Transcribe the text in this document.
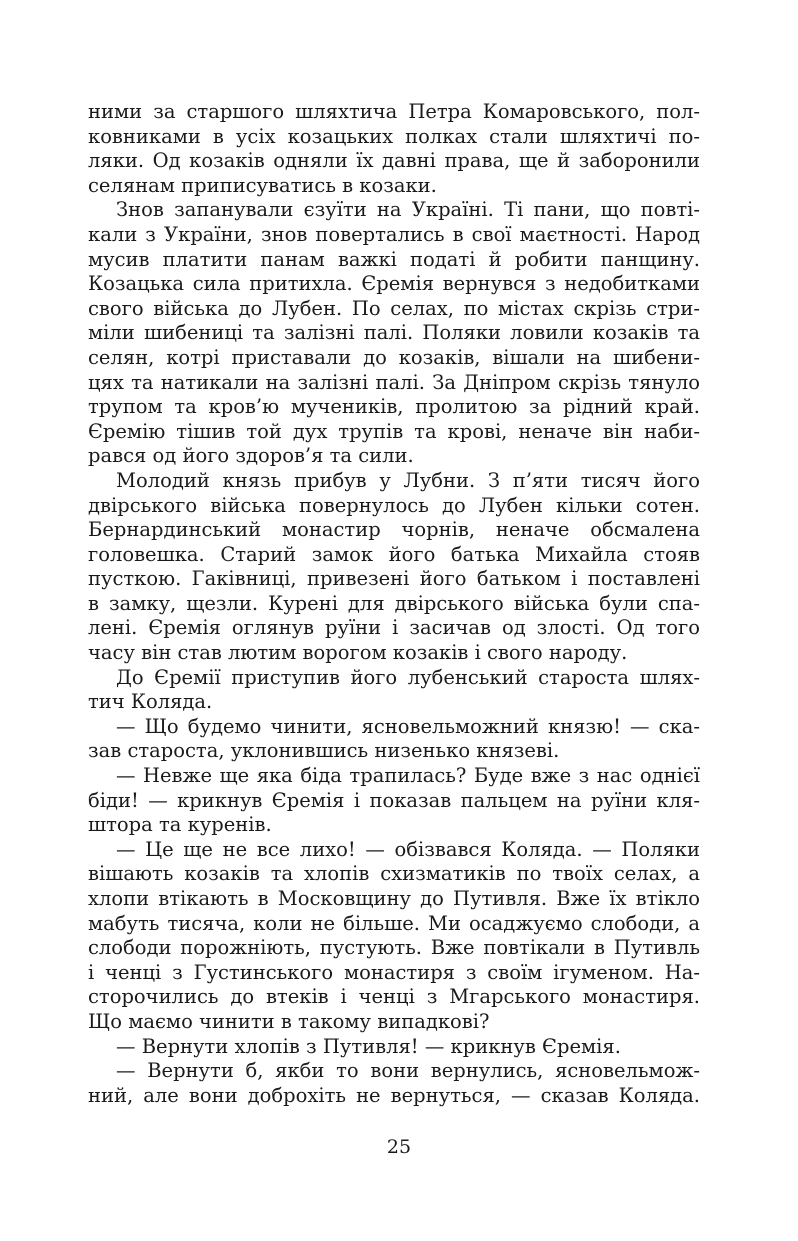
ними за старшого шляхтича Петра Комаровського, пол-
ковниками в усіх козацьких полках стали шляхтичі по-
ляки. Од козаків одняли їх давні права, ще й заборонили
селянам приписуватись в козаки.
Знов запанували єзуїти на Україні. Ті пани, що повті-
кали з України, знов повертались в свої маєтності. Народ
мусив платити панам важкі податі й робити панщину.
Козацька сила притихла. Єремія вернувся з недобитками
свого війська до Лубен. По селах, по містах скрізь стри-
міли шибениці та залізні палі. Поляки ловили козаків та
селян, котрі приставали до козаків, вішали на шибени-
цях та натикали на залізні палі. За Дніпром скрізь тянуло
трупом та кров’ю мучеників, пролитою за рідний край.
Єремію тішив той дух трупів та крові, неначе він наби-
рався од його здоров’я та сили.
Молодий князь прибув у Лубни. З п’яти тисяч його
двірського війська повернулось до Лубен кільки сотен.
Бернардинський монастир чорнів, неначе обсмалена
головешка. Старий замок його батька Михайла стояв
пусткою. Гаківниці, привезені його батьком і поставлені
в замку, щезли. Курені для двірського війська були спа-
лені. Єремія оглянув руїни і засичав од злості. Од того
часу він став лютим ворогом козаків і свого народу.
До Єремії приступив його лубенський староста шлях-
тич Коляда.
— Що будемо чинити, ясновельможний князю! — ска-
зав староста, уклонившись низенько князеві.
— Невже ще яка біда трапилась? Буде вже з нас однієї
біди! — крикнув Єремія і показав пальцем на руїни кля-
штора та куренів.
— Це ще не все лихо! — обізвався Коляда. — Поляки
вішають козаків та хлопів схизматиків по твоїх селах, а
хлопи втікають в Московщину до Путивля. Вже їх втікло
мабуть тисяча, коли не більше. Ми осаджуємо слободи, а
слободи порожніють, пустують. Вже повтікали в Путивль
і ченці з Густинського монастиря з своїм ігуменом. На-
сторочились до втеків і ченці з Мгарського монастиря.
Що маємо чинити в такому випадкові?
— Вернути хлопів з Путивля! — крикнув Єремія.
— Вернути б, якби то вони вернулись, ясновельмож-
ний, але вони доброхіть не вернуться, — сказав Коляда.
25
